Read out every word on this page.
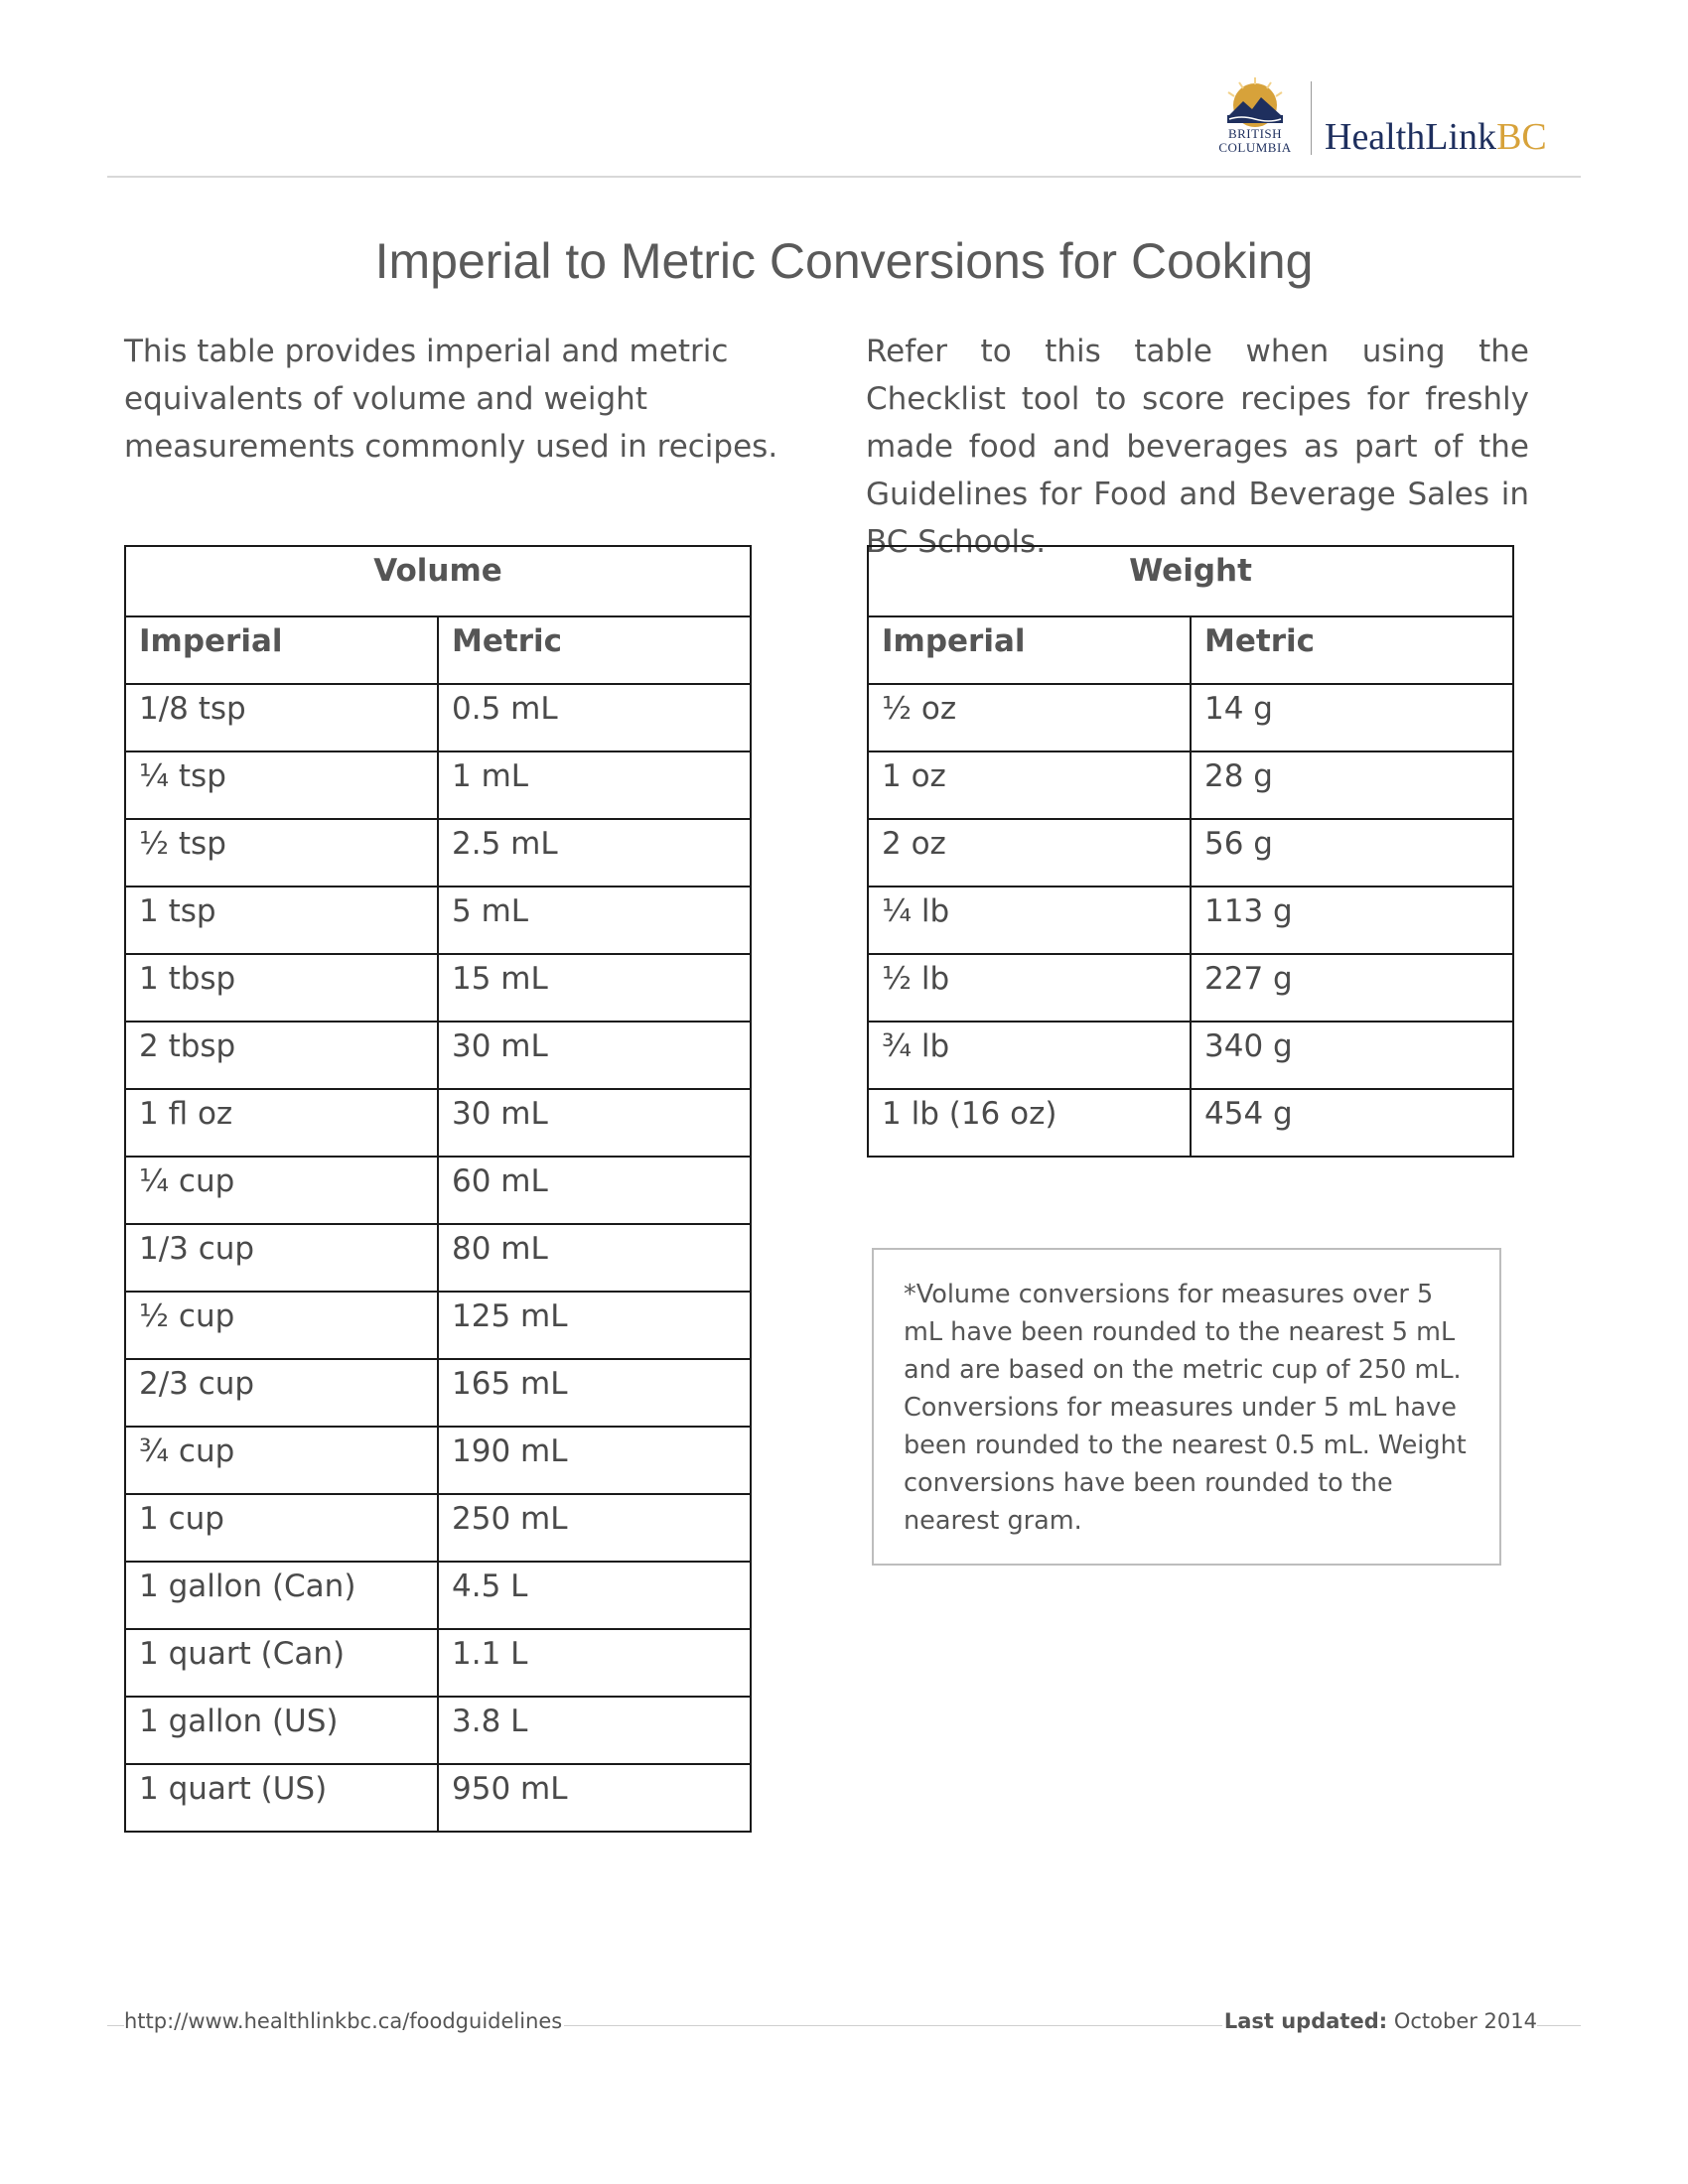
BRITISH
COLUMBIA HealthLinkBC
Imperial to Metric Conversions for Cooking
This table provides imperial and metric equivalents of volume and weight measurements commonly used in recipes.
Refer to this table when using the Checklist tool to score recipes for freshly made food and beverages as part of the Guidelines for Food and Beverage Sales in BC Schools.
Volume	
Imperial	Metric
1/8 tsp	0.5 mL
¼ tsp	1 mL
½ tsp	2.5 mL
1 tsp	5 mL
1 tbsp	15 mL
2 tbsp	30 mL
1 fl oz	30 mL
¼ cup	60 mL
1/3 cup	80 mL
½ cup	125 mL
2/3 cup	165 mL
¾ cup	190 mL
1 cup	250 mL
1 gallon (Can)	4.5 L
1 quart (Can)	1.1 L
1 gallon (US)	3.8 L
1 quart (US)	950 mL
Weight	
Imperial	Metric
½ oz	14 g
1 oz	28 g
2 oz	56 g
¼ lb	113 g
½ lb	227 g
¾ lb	340 g
1 lb (16 oz)	454 g
*Volume conversions for measures over 5 mL have been rounded to the nearest 5 mL and are based on the metric cup of 250 mL. Conversions for measures under 5 mL have been rounded to the nearest 0.5 mL. Weight conversions have been rounded to the nearest gram.
http://www.healthlinkbc.ca/foodguidelines	Last updated: October 2014
